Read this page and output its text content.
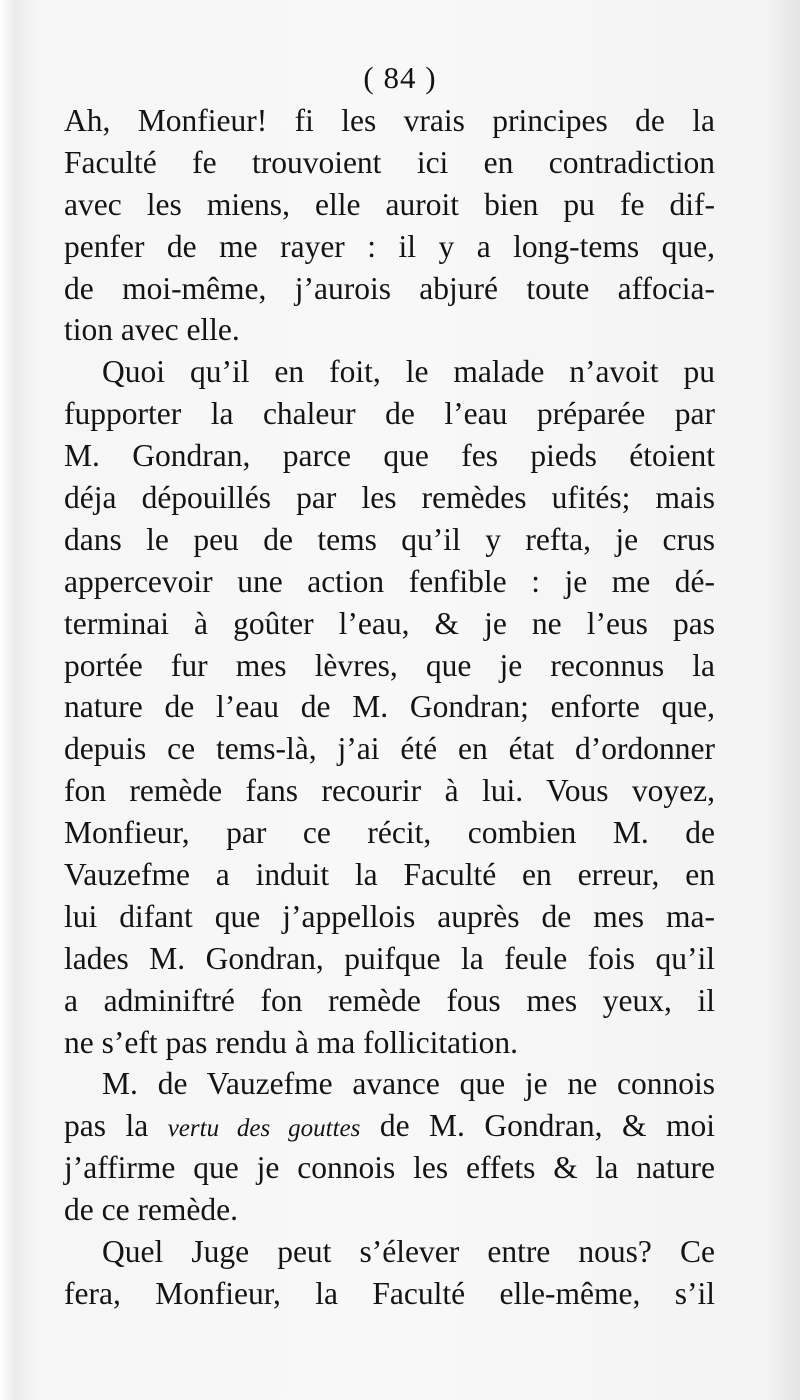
( 84 )
Ah, Monfieur! fi les vrais principes de la
Faculté fe trouvoient ici en contradiction
avec les miens, elle auroit bien pu fe dif-
penfer de me rayer : il y a long-tems que,
de moi-même, j’aurois abjuré toute affocia-
tion avec elle.
Quoi qu’il en foit, le malade n’avoit pu
fupporter la chaleur de l’eau préparée par
M. Gondran, parce que fes pieds étoient
déja dépouillés par les remèdes ufités; mais
dans le peu de tems qu’il y refta, je crus
appercevoir une action fenfible : je me dé-
terminai à goûter l’eau, & je ne l’eus pas
portée fur mes lèvres, que je reconnus la
nature de l’eau de M. Gondran; enforte que,
depuis ce tems-là, j’ai été en état d’ordonner
fon remède fans recourir à lui. Vous voyez,
Monfieur, par ce récit, combien M. de
Vauzefme a induit la Faculté en erreur, en
lui difant que j’appellois auprès de mes ma-
lades M. Gondran, puifque la feule fois qu’il
a adminiftré fon remède fous mes yeux, il
ne s’eft pas rendu à ma follicitation.
M. de Vauzefme avance que je ne connois
pas la vertu des gouttes de M. Gondran, & moi
j’affirme que je connois les effets & la nature
de ce remède.
Quel Juge peut s’élever entre nous? Ce
fera, Monfieur, la Faculté elle-même, s’il
